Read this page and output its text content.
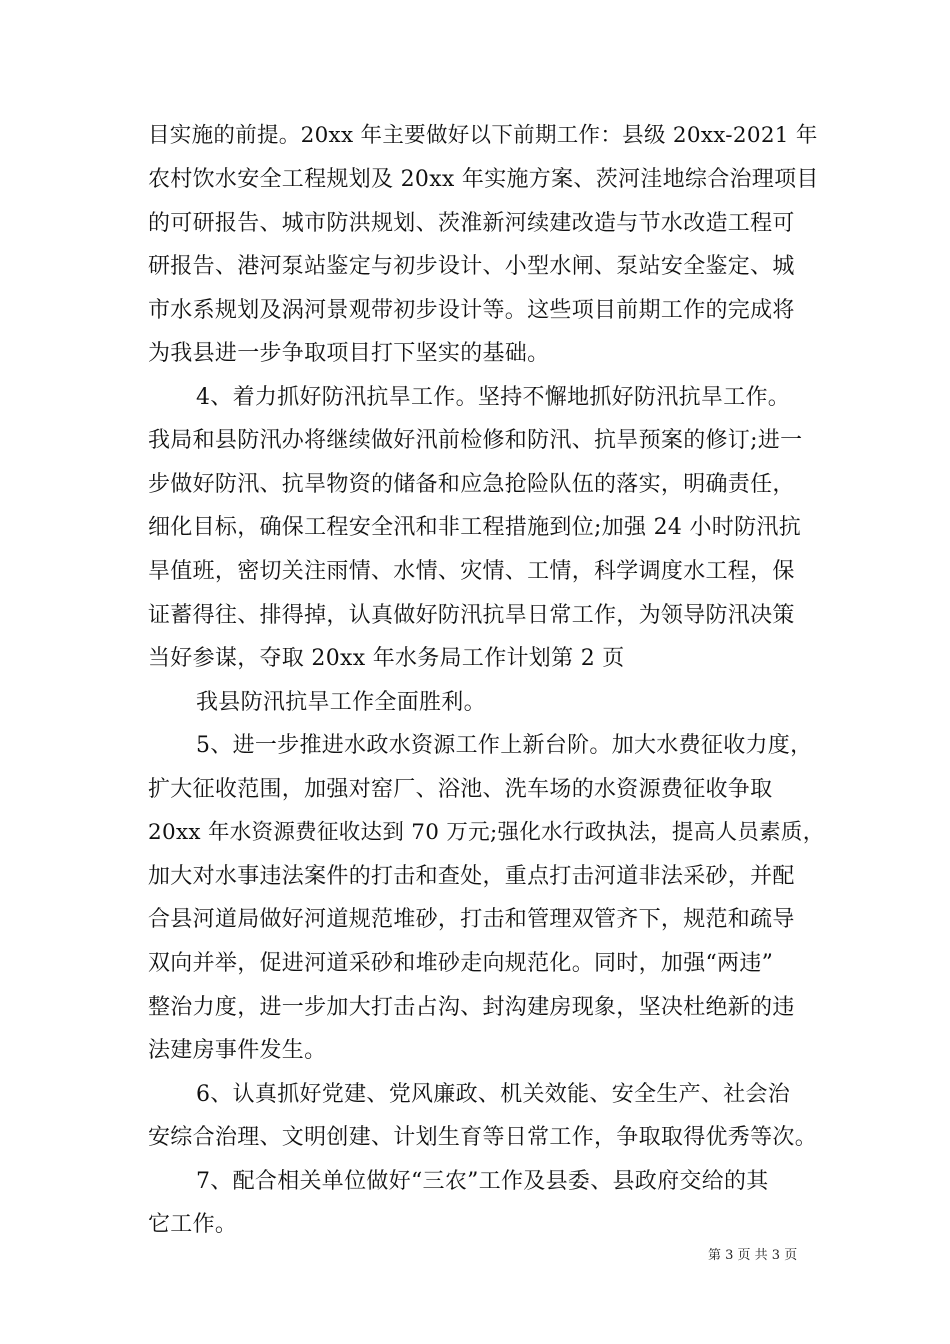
目实施的前提。20xx 年主要做好以下前期工作：县级 20xx-2021 年
农村饮水安全工程规划及 20xx 年实施方案、茨河洼地综合治理项目
的可研报告、城市防洪规划、茨淮新河续建改造与节水改造工程可
研报告、港河泵站鉴定与初步设计、小型水闸、泵站安全鉴定、城
市水系规划及涡河景观带初步设计等。这些项目前期工作的完成将
为我县进一步争取项目打下坚实的基础。
4、着力抓好防汛抗旱工作。坚持不懈地抓好防汛抗旱工作。
我局和县防汛办将继续做好汛前检修和防汛、抗旱预案的修订;进一
步做好防汛、抗旱物资的储备和应急抢险队伍的落实，明确责任，
细化目标，确保工程安全汛和非工程措施到位;加强 24 小时防汛抗
旱值班，密切关注雨情、水情、灾情、工情，科学调度水工程，保
证蓄得往、排得掉，认真做好防汛抗旱日常工作，为领导防汛决策
当好参谋，夺取 20xx 年水务局工作计划第 2 页
我县防汛抗旱工作全面胜利。
5、进一步推进水政水资源工作上新台阶。加大水费征收力度，
扩大征收范围，加强对窑厂、浴池、洗车场的水资源费征收争取
20xx 年水资源费征收达到 70 万元;强化水行政执法，提高人员素质，
加大对水事违法案件的打击和查处，重点打击河道非法采砂，并配
合县河道局做好河道规范堆砂，打击和管理双管齐下，规范和疏导
双向并举，促进河道采砂和堆砂走向规范化。同时，加强“两违”
整治力度，进一步加大打击占沟、封沟建房现象，坚决杜绝新的违
法建房事件发生。
6、认真抓好党建、党风廉政、机关效能、安全生产、社会治
安综合治理、文明创建、计划生育等日常工作，争取取得优秀等次。
7、配合相关单位做好“三农”工作及县委、县政府交给的其
它工作。
第 3 页 共 3 页
